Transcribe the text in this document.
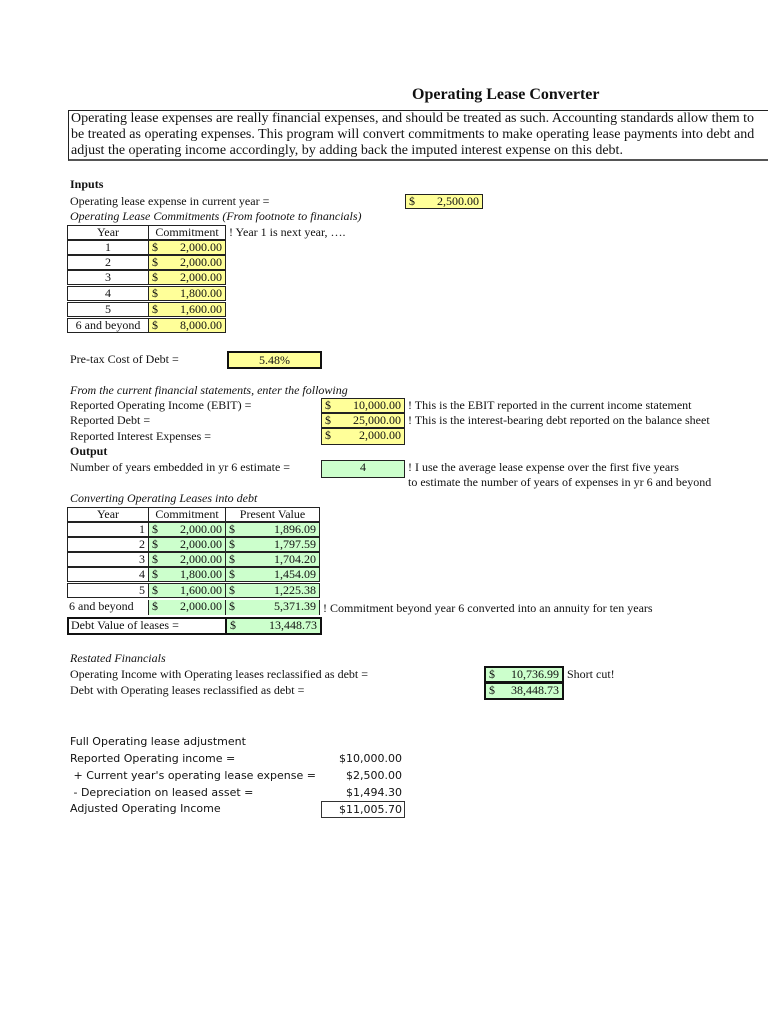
Operating Lease Converter
Operating lease expenses are really financial expenses, and should be treated as such. Accounting standards allow them to
be treated as operating expenses. This program will convert commitments to make operating lease payments into debt and
adjust the operating income accordingly, by adding back the imputed interest expense on this debt.
Inputs
Operating lease expense in current year =	$ 2,500.00
Operating Lease Commitments (From footnote to financials)
Year	Commitment ! Year 1 is next year, ….
1	$ 2,000.00
2	$ 2,000.00
3	$ 2,000.00
4	$ 1,800.00
5	$ 1,600.00
6 and beyond $ 8,000.00
Pre-tax Cost of Debt =	5.48%
From the current financial statements, enter the following
Reported Operating Income (EBIT) =	$ 10,000.00 ! This is the EBIT reported in the current income statement
Reported Debt =	$ 25,000.00 ! This is the interest-bearing debt reported on the balance sheet
Reported Interest Expenses =	$ 2,000.00
Output
Number of years embedded in yr 6 estimate =	4	! I use the average lease expense over the first five years
to estimate the number of years of expenses in yr 6 and beyond
Converting Operating Leases into debt
Year	Commitment	Present Value
1 $ 2,000.00 $	1,896.09
2 $ 2,000.00 $	1,797.59
3 $ 2,000.00 $	1,704.20
4 $ 1,800.00 $	1,454.09
5 $ 1,600.00 $	1,225.38
6 and beyond	$ 2,000.00 $	5,371.39 ! Commitment beyond year 6 converted into an annuity for ten years
Debt Value of leases =	$	13,448.73
Restated Financials
Operating Income with Operating leases reclassified as debt =	$ 10,736.99 Short cut!
Debt with Operating leases reclassified as debt =	$ 38,448.73
Full Operating lease adjustment
Reported Operating income =	$10,000.00
+ Current year's operating lease expense =	$2,500.00
- Depreciation on leased asset =	$1,494.30
Adjusted Operating Income	$11,005.70
